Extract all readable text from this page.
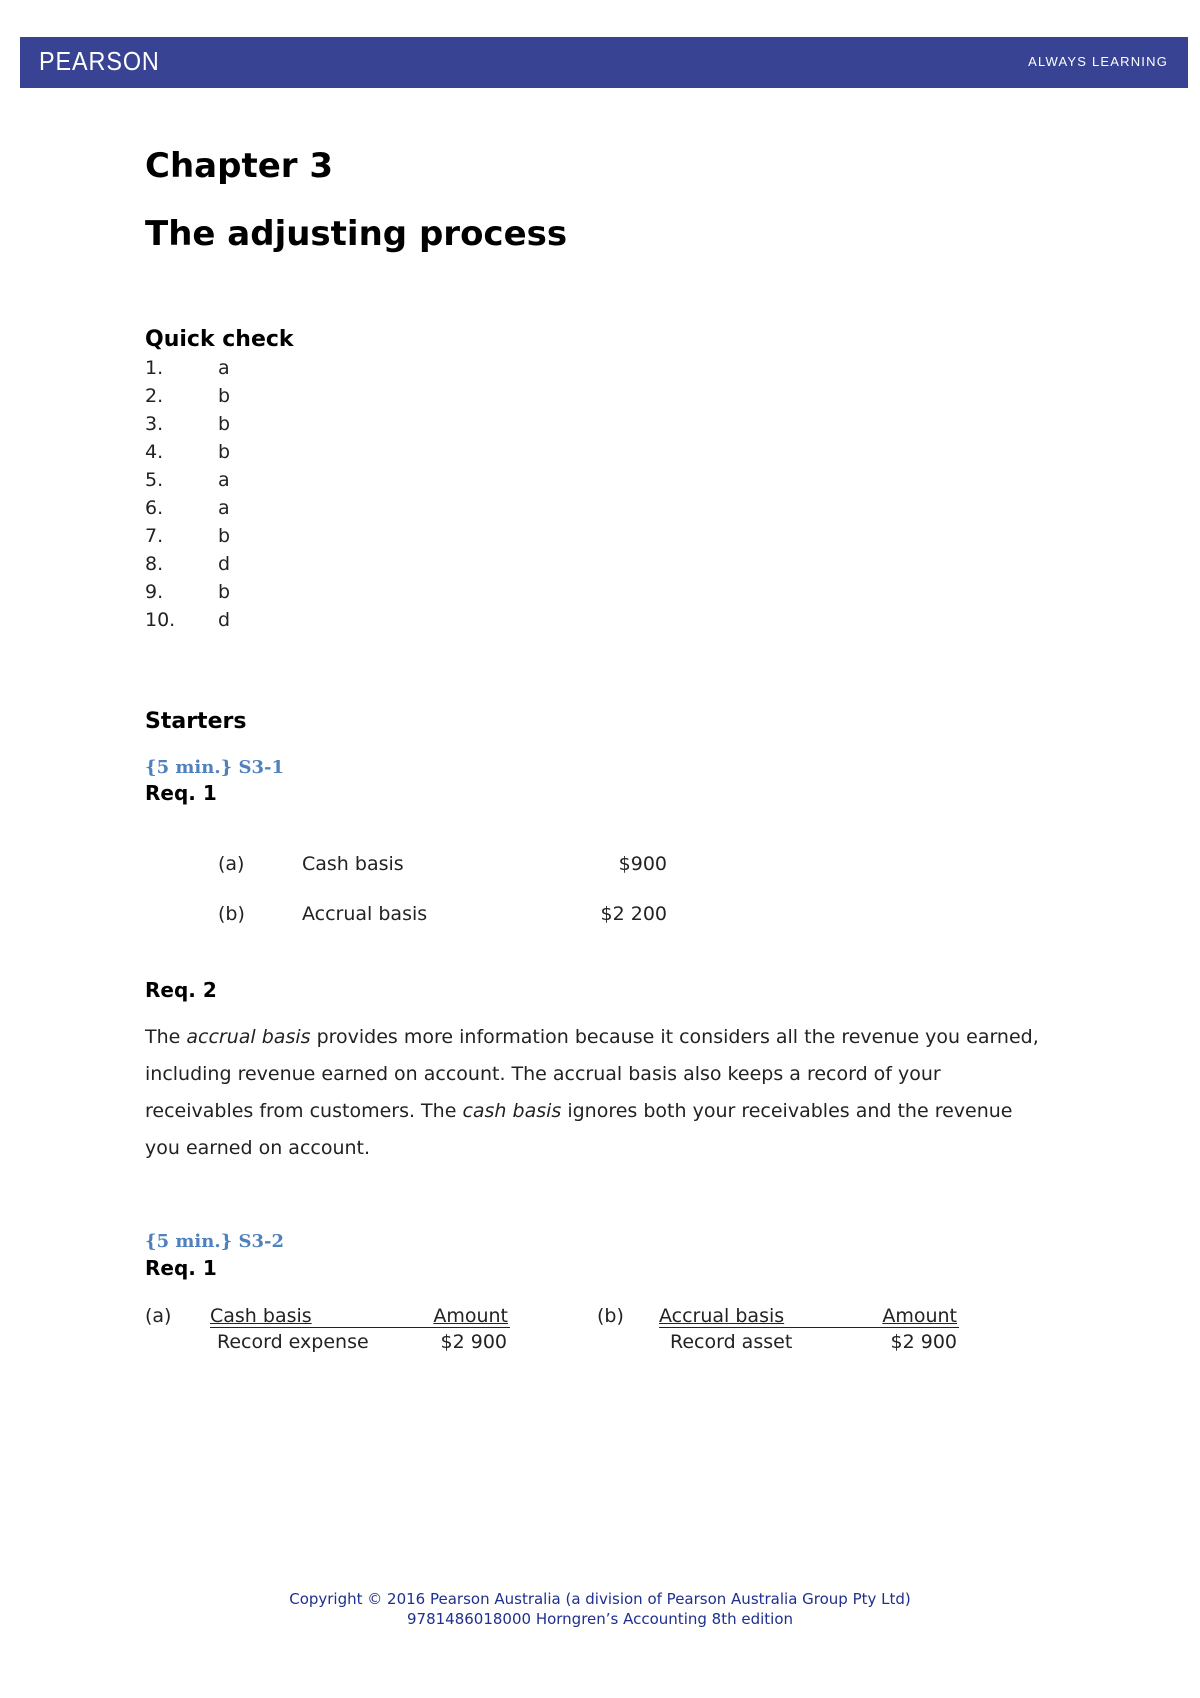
PEARSON	ALWAYS LEARNING
Chapter 3
The adjusting process
Quick check
1.	a
2.	b
3.	b
4.	b
5.	a
6.	a
7.	b
8.	d
9.	b
10. d
Starters
{5 min.} S3-1
Req. 1
(a)	Cash basis	$900
(b)	Accrual basis	$2 200
Req. 2
The accrual basis provides more information because it considers all the revenue you earned, including revenue earned on account. The accrual basis also keeps a record of your receivables from customers. The cash basis ignores both your receivables and the revenue you earned on account.
{5 min.} S3-2
Req. 1
(a) Cash basis	Amount
Record expense	$2 900
(b) Accrual basis	Amount
Record asset	$2 900
Copyright © 2016 Pearson Australia (a division of Pearson Australia Group Pty Ltd)
9781486018000 Horngren’s Accounting 8th edition
